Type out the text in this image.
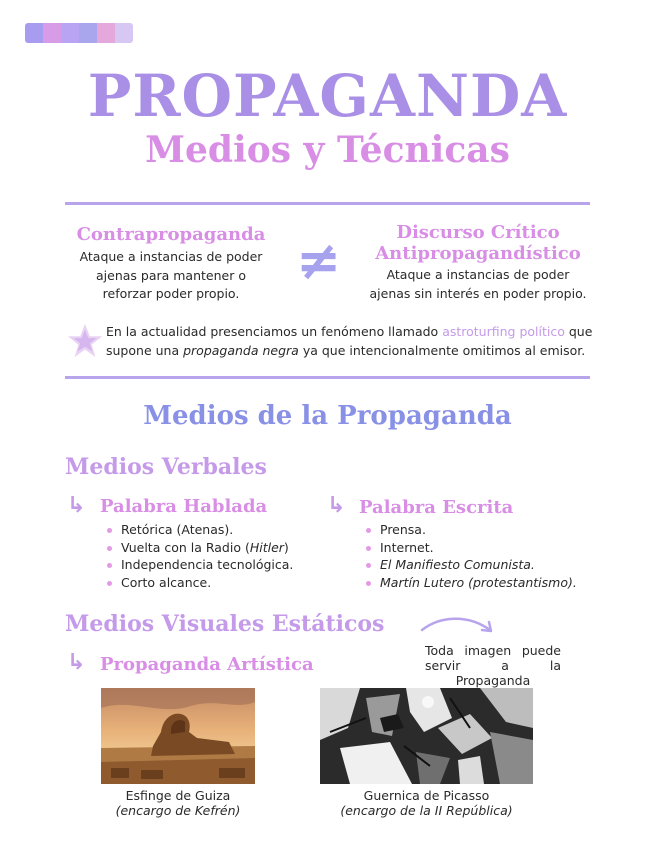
PROPAGANDA
Medios y Técnicas
Contrapropaganda
Ataque a instancias de poder
ajenas para mantener o
reforzar poder propio.
≠	Discurso Crítico
Antipropagandístico
Ataque a instancias de poder
ajenas sin interés en poder propio.
En la actualidad presenciamos un fenómeno llamado astroturfing político que
supone una propaganda negra ya que intencionalmente omitimos al emisor.
Medios de la Propaganda
Medios Verbales
↳ Palabra Hablada
Retórica (Atenas).
Vuelta con la Radio (Hitler)
Independencia tecnológica.
Corto alcance.
↳ Palabra Escrita
Prensa.
Internet.
El Manifiesto Comunista.
Martín Lutero (protestantismo).
Medios Visuales Estáticos
Toda imagen puede servir a la Propaganda
↳ Propaganda Artística
Esfinge de Guiza
(encargo de Kefrén)
Guernica de Picasso
(encargo de la II República)
